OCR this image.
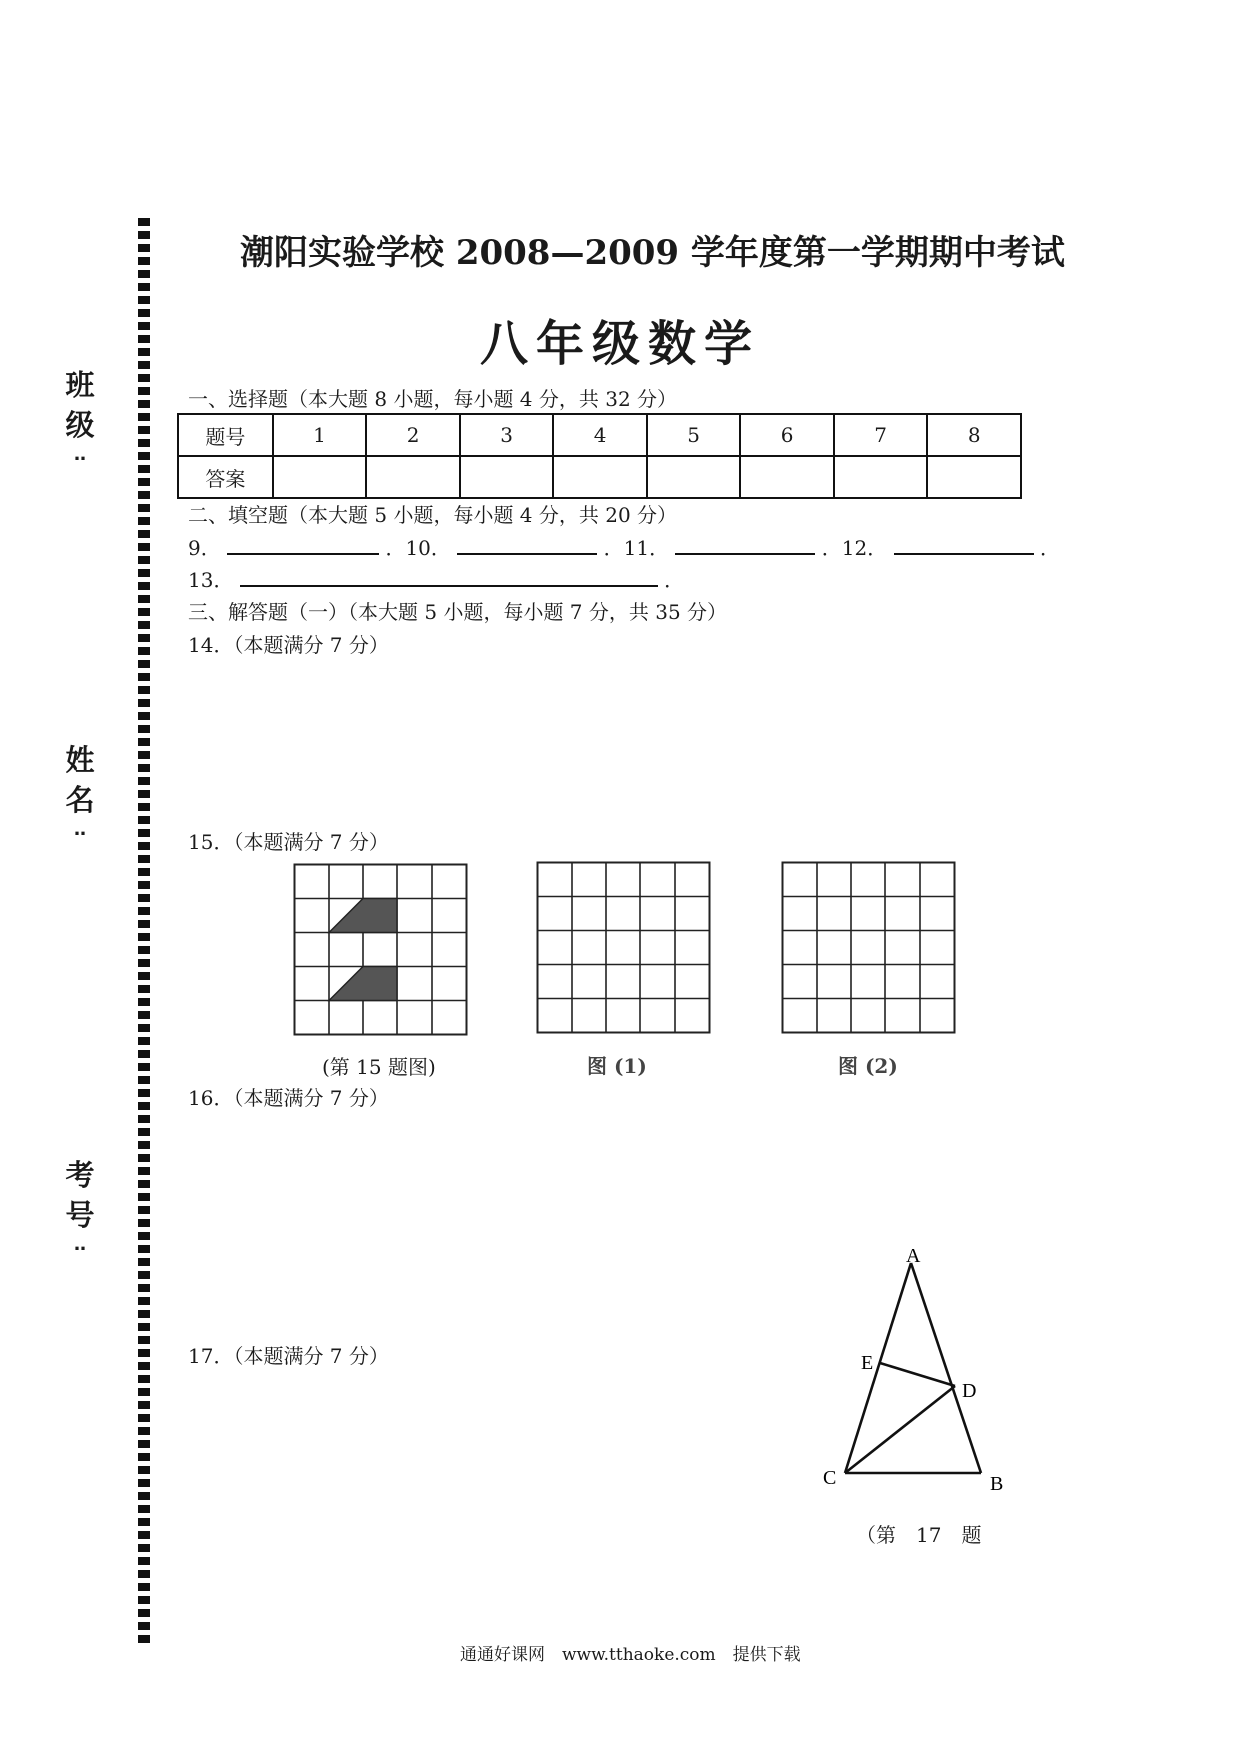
班
级
‥
姓
名
‥
考
号
‥
潮阳实验学校 2008—2009 学年度第一学期期中考试
八年级数学
一、选择题（本大题 8 小题，每小题 4 分，共 32 分）
题号	1	2	3	4	5	6	7	8
答案								
二、填空题（本大题 5 小题，每小题 4 分，共 20 分）
9．	．10．	．11．	．12．	．
13．	．
三、解答题（一）（本大题 5 小题，每小题 7 分，共 35 分）
14．（本题满分 7 分）
15．（本题满分 7 分）
(第 15 题图)	图 (1)	图 (2)
16．（本题满分 7 分）
17．（本题满分 7 分）
A
E
D
C	B
（第　17　题
通通好课网　www.tthaoke.com　提供下载
